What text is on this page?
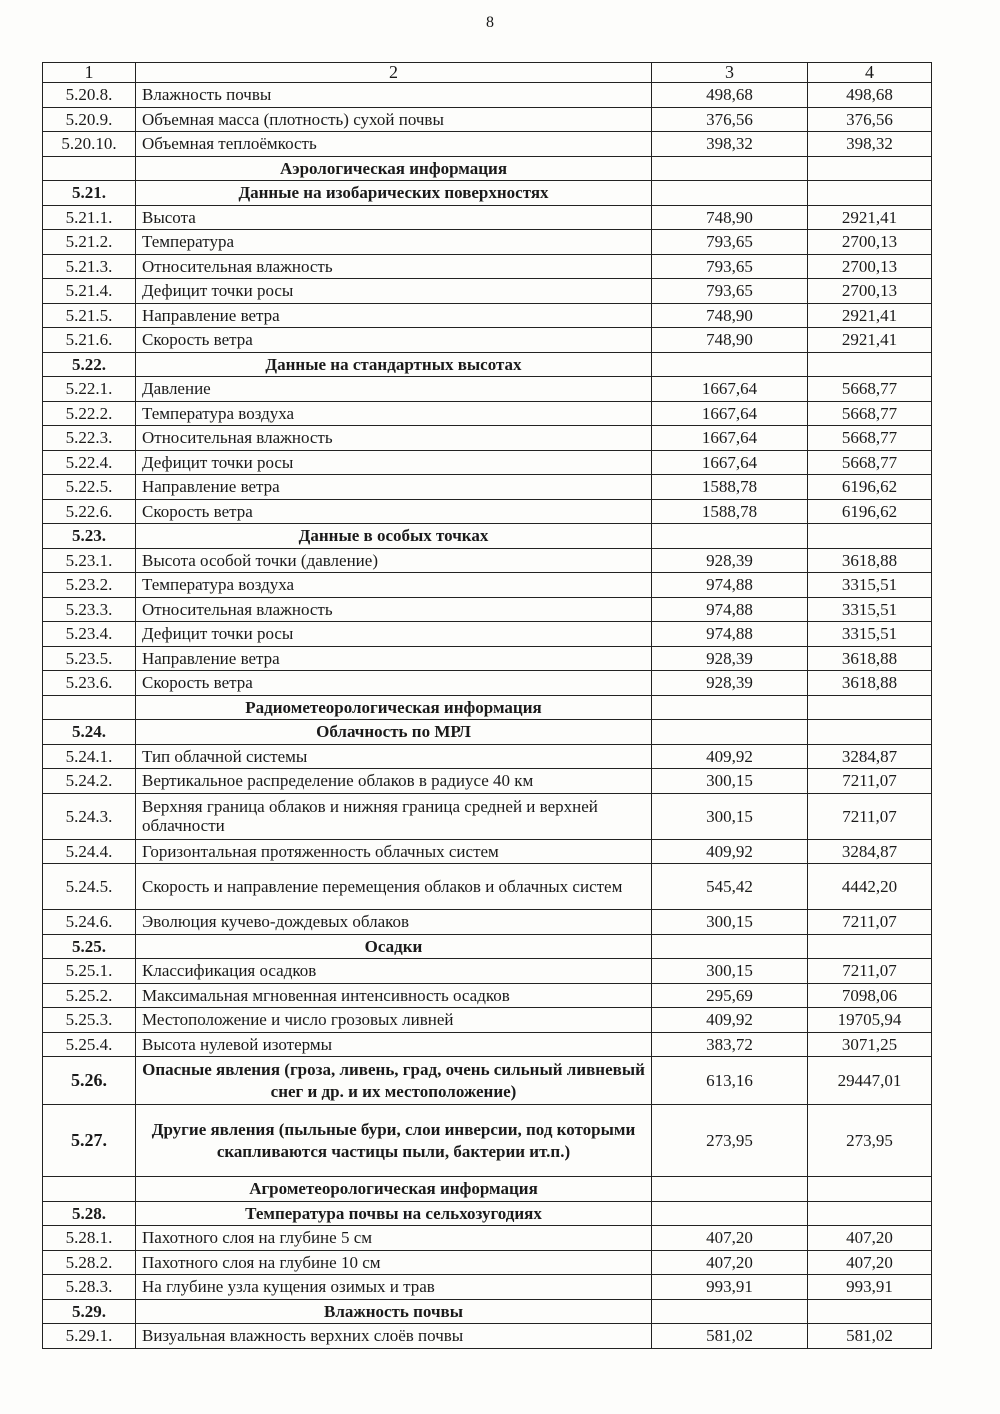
8
1	2	3	4
5.20.8.	Влажность почвы	498,68	498,68
5.20.9.	Объемная масса (плотность) сухой почвы	376,56	376,56
5.20.10.	Объемная теплоёмкость	398,32	398,32
	Аэрологическая информация		
5.21.	Данные на изобарических поверхностях		
5.21.1.	Высота	748,90	2921,41
5.21.2.	Температура	793,65	2700,13
5.21.3.	Относительная влажность	793,65	2700,13
5.21.4.	Дефицит точки росы	793,65	2700,13
5.21.5.	Направление ветра	748,90	2921,41
5.21.6.	Скорость ветра	748,90	2921,41
5.22.	Данные на стандартных высотах		
5.22.1.	Давление	1667,64	5668,77
5.22.2.	Температура воздуха	1667,64	5668,77
5.22.3.	Относительная влажность	1667,64	5668,77
5.22.4.	Дефицит точки росы	1667,64	5668,77
5.22.5.	Направление ветра	1588,78	6196,62
5.22.6.	Скорость ветра	1588,78	6196,62
5.23.	Данные в особых точках		
5.23.1.	Высота особой точки (давление)	928,39	3618,88
5.23.2.	Температура воздуха	974,88	3315,51
5.23.3.	Относительная влажность	974,88	3315,51
5.23.4.	Дефицит точки росы	974,88	3315,51
5.23.5.	Направление ветра	928,39	3618,88
5.23.6.	Скорость ветра	928,39	3618,88
	Радиометеорологическая информация		
5.24.	Облачность по МРЛ		
5.24.1.	Тип облачной системы	409,92	3284,87
5.24.2.	Вертикальное распределение облаков в радиусе 40 км	300,15	7211,07
5.24.3.	Верхняя граница облаков и нижняя граница средней и верхней облачности	300,15	7211,07
5.24.4.	Горизонтальная протяженность облачных систем	409,92	3284,87
5.24.5.	Скорость и направление перемещения облаков и облачных систем	545,42	4442,20
5.24.6.	Эволюция кучево-дождевых облаков	300,15	7211,07
5.25.	Осадки		
5.25.1.	Классификация осадков	300,15	7211,07
5.25.2.	Максимальная мгновенная интенсивность осадков	295,69	7098,06
5.25.3.	Местоположение и число грозовых ливней	409,92	19705,94
5.25.4.	Высота нулевой изотермы	383,72	3071,25
5.26.	Опасные явления (гроза, ливень, град, очень сильный ливневый снег и др. и их местоположение)	613,16	29447,01
5.27.	Другие явления (пыльные бури, слои инверсии, под которыми скапливаются частицы пыли, бактерии ит.п.)	273,95	273,95
	Агрометеорологическая информация		
5.28.	Температура почвы на сельхозугодиях		
5.28.1.	Пахотного слоя на глубине 5 см	407,20	407,20
5.28.2.	Пахотного слоя на глубине 10 см	407,20	407,20
5.28.3.	На глубине узла кущения озимых и трав	993,91	993,91
5.29.	Влажность почвы		
5.29.1.	Визуальная влажность верхних слоёв почвы	581,02	581,02
